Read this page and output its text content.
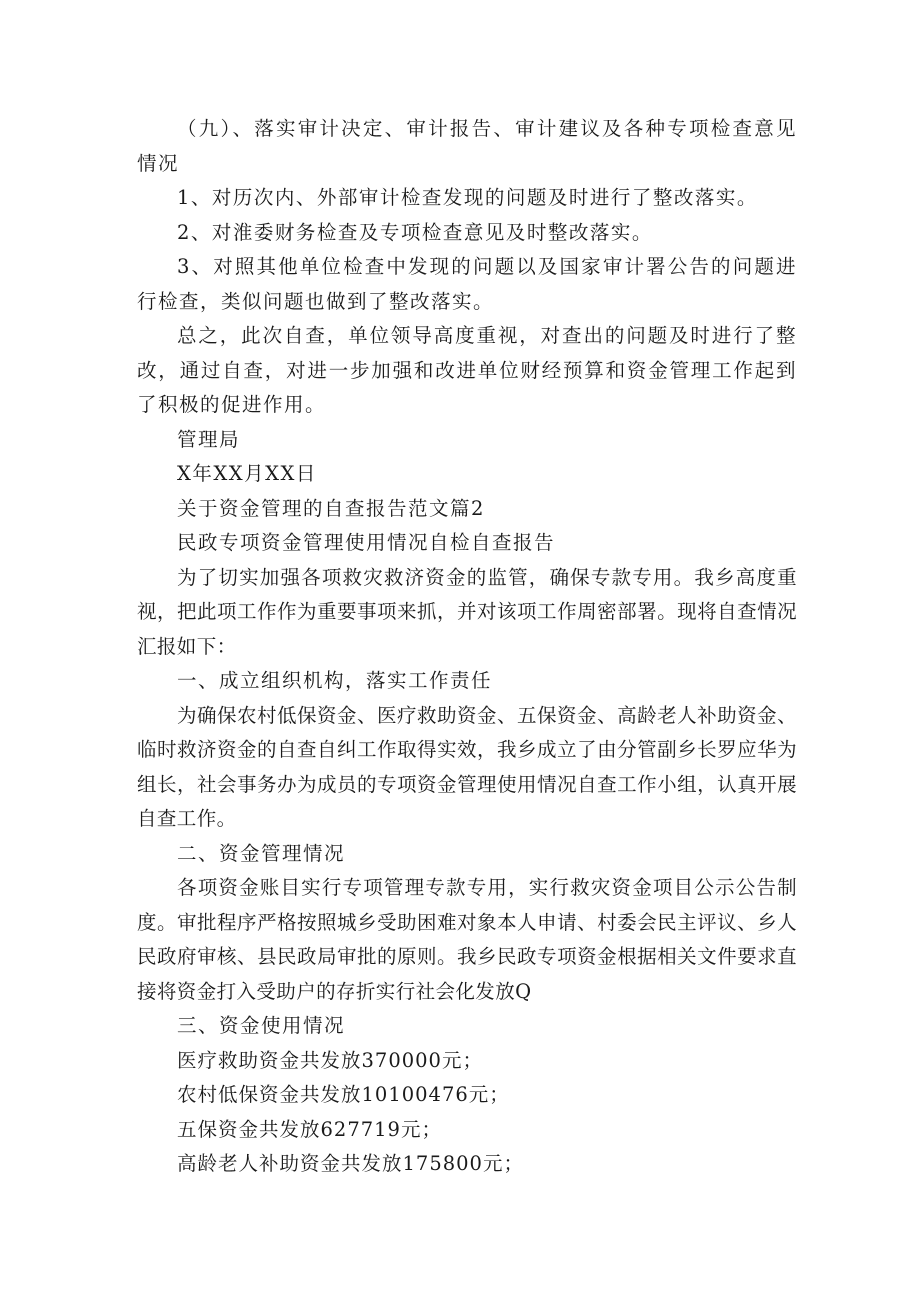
（九）、落实审计决定、审计报告、审计建议及各种专项检查意见情况

1、对历次内、外部审计检查发现的问题及时进行了整改落实。

2、对淮委财务检查及专项检查意见及时整改落实。

3、对照其他单位检查中发现的问题以及国家审计署公告的问题进行检查，类似问题也做到了整改落实。

总之，此次自查，单位领导高度重视，对查出的问题及时进行了整改，通过自查，对进一步加强和改进单位财经预算和资金管理工作起到了积极的促进作用。

管理局

X年XX月XX日

关于资金管理的自查报告范文篇2

民政专项资金管理使用情况自检自查报告

为了切实加强各项救灾救济资金的监管，确保专款专用。我乡高度重视，把此项工作作为重要事项来抓，并对该项工作周密部署。现将自查情况汇报如下：

一、成立组织机构，落实工作责任

为确保农村低保资金、医疗救助资金、五保资金、高龄老人补助资金、临时救济资金的自查自纠工作取得实效，我乡成立了由分管副乡长罗应华为组长，社会事务办为成员的专项资金管理使用情况自查工作小组，认真开展自查工作。

二、资金管理情况

各项资金账目实行专项管理专款专用，实行救灾资金项目公示公告制度。审批程序严格按照城乡受助困难对象本人申请、村委会民主评议、乡人民政府审核、县民政局审批的原则。我乡民政专项资金根据相关文件要求直接将资金打入受助户的存折实行社会化发放Q

三、资金使用情况

医疗救助资金共发放370000元；

农村低保资金共发放10100476元；

五保资金共发放627719元；

高龄老人补助资金共发放175800元；
